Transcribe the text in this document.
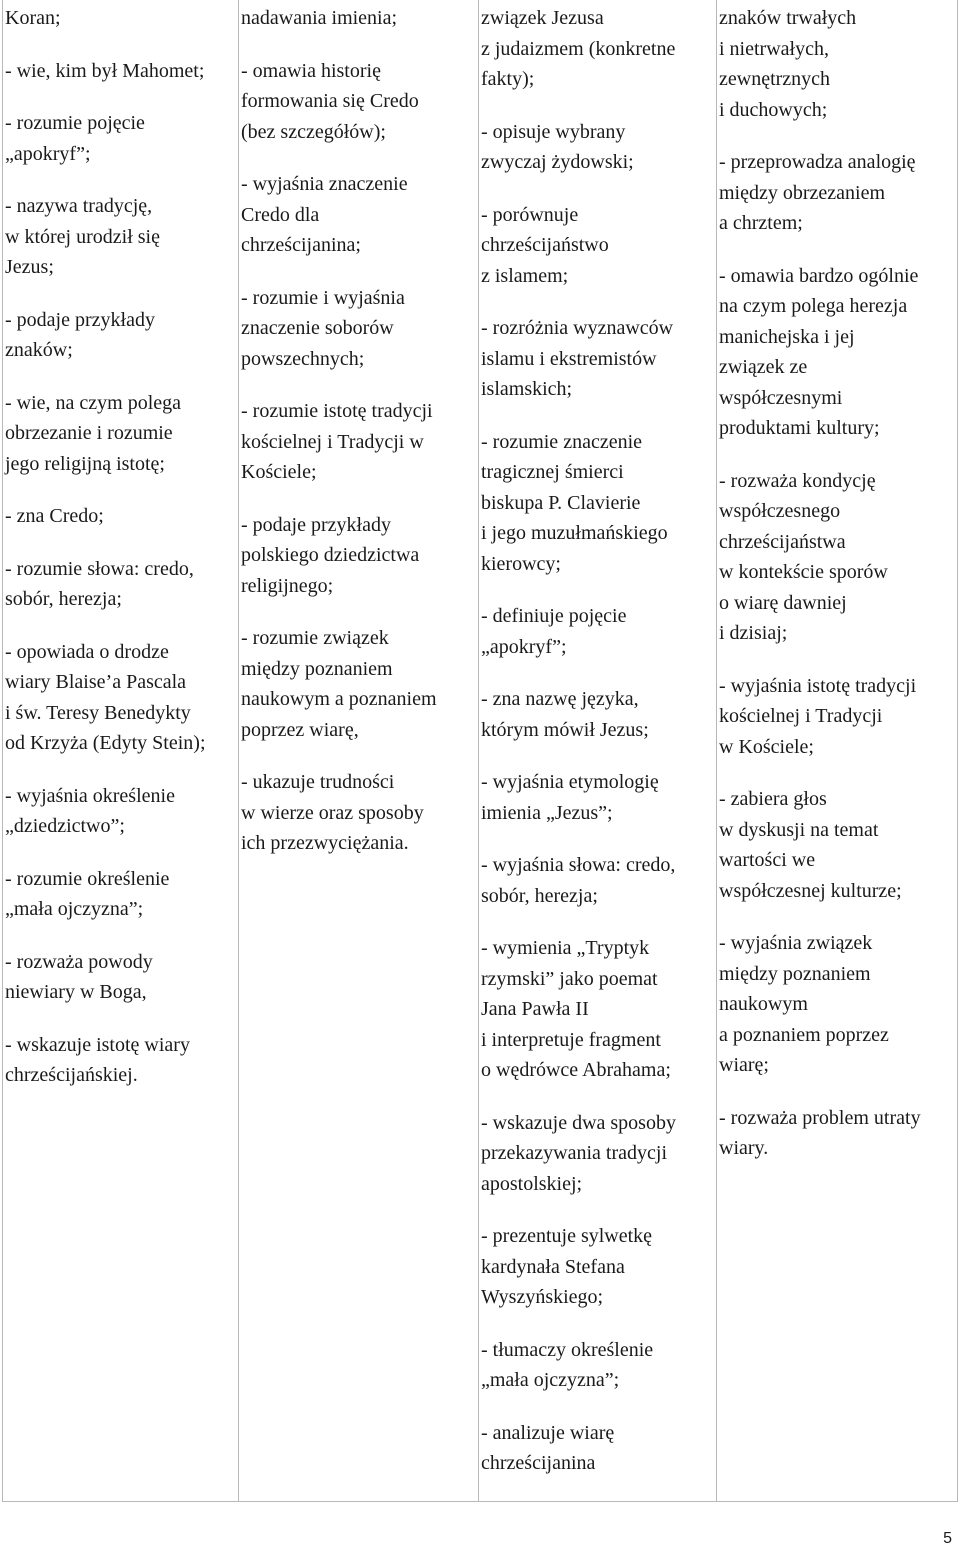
Koran;
- wie, kim był Mahomet;
- rozumie pojęcie
„apokryf”;
- nazywa tradycję,
w której urodził się
Jezus;
- podaje przykłady
znaków;
- wie, na czym polega
obrzezanie i rozumie
jego religijną istotę;
- zna Credo;
- rozumie słowa: credo,
sobór, herezja;
- opowiada o drodze
wiary Blaise’a Pascala
i św. Teresy Benedykty
od Krzyża (Edyty Stein);
- wyjaśnia określenie
„dziedzictwo”;
- rozumie określenie
„mała ojczyzna”;
- rozważa powody
niewiary w Boga,
- wskazuje istotę wiary
chrześcijańskiej.

nadawania imienia;
- omawia historię
formowania się Credo
(bez szczegółów);
- wyjaśnia znaczenie
Credo dla
chrześcijanina;
- rozumie i wyjaśnia
znaczenie soborów
powszechnych;
- rozumie istotę tradycji
kościelnej i Tradycji w
Kościele;
- podaje przykłady
polskiego dziedzictwa
religijnego;
- rozumie związek
między poznaniem
naukowym a poznaniem
poprzez wiarę,
- ukazuje trudności
w wierze oraz sposoby
ich przezwyciężania.

związek Jezusa
z judaizmem (konkretne
fakty);
- opisuje wybrany
zwyczaj żydowski;
- porównuje
chrześcijaństwo
z islamem;
- rozróżnia wyznawców
islamu i ekstremistów
islamskich;
- rozumie znaczenie
tragicznej śmierci
biskupa P. Clavierie
i jego muzułmańskiego
kierowcy;
- definiuje pojęcie
„apokryf”;
- zna nazwę języka,
którym mówił Jezus;
- wyjaśnia etymologię
imienia „Jezus”;
- wyjaśnia słowa: credo,
sobór, herezja;
- wymienia „Tryptyk
rzymski” jako poemat
Jana Pawła II
i interpretuje fragment
o wędrówce Abrahama;
- wskazuje dwa sposoby
przekazywania tradycji
apostolskiej;
- prezentuje sylwetkę
kardynała Stefana
Wyszyńskiego;
- tłumaczy określenie
„mała ojczyzna”;
- analizuje wiarę
chrześcijanina

znaków trwałych
i nietrwałych,
zewnętrznych
i duchowych;
- przeprowadza analogię
między obrzezaniem
a chrztem;
- omawia bardzo ogólnie
na czym polega herezja
manichejska i jej
związek ze
współczesnymi
produktami kultury;
- rozważa kondycję
współczesnego
chrześcijaństwa
w kontekście sporów
o wiarę dawniej
i dzisiaj;
- wyjaśnia istotę tradycji
kościelnej i Tradycji
w Kościele;
- zabiera głos
w dyskusji na temat
wartości we
współczesnej kulturze;
- wyjaśnia związek
między poznaniem
naukowym
a poznaniem poprzez
wiarę;
- rozważa problem utraty
wiary.
5
